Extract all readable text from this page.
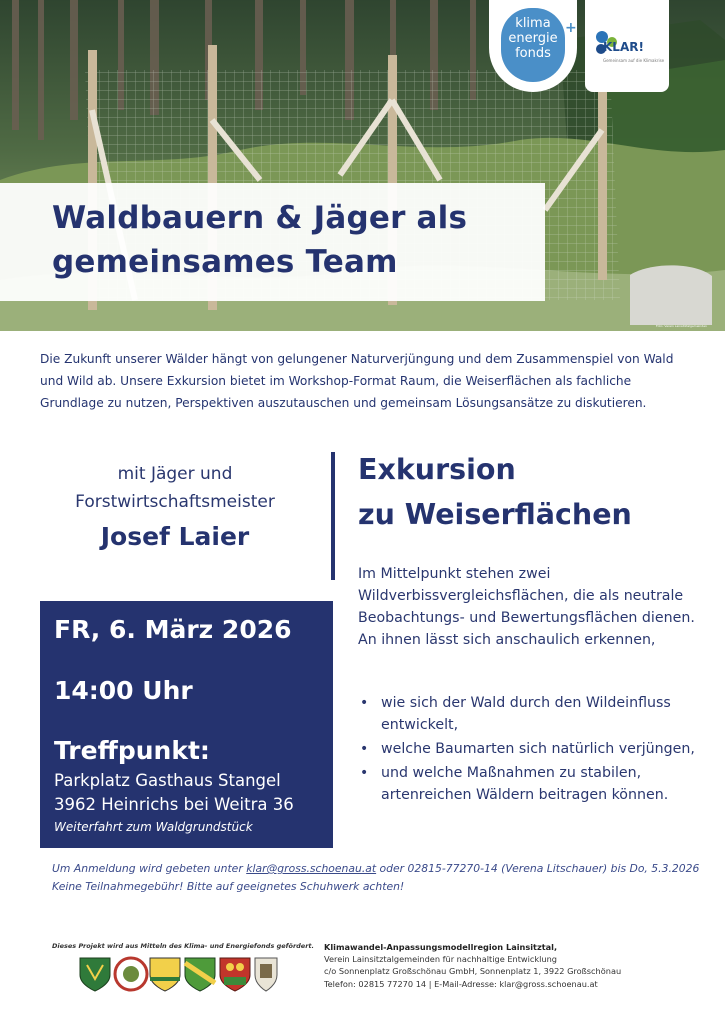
klima
energie
fonds
+
KLAR!
Gemeinsam auf die Klimakrise
Waldbauern & Jäger als
gemeinsames Team
Foto: Verein Lainsitztalgemeinden
Die Zukunft unserer Wälder hängt von gelungener Naturverjüngung und dem Zusammenspiel von Wald und Wild ab. Unsere Exkursion bietet im Workshop-Format Raum, die Weiserflächen als fachliche Grundlage zu nutzen, Perspektiven auszutauschen und gemeinsam Lösungsansätze zu diskutieren.
mit Jäger und
Forstwirtschaftsmeister
Josef Laier
Exkursion
zu Weiserflächen
Im Mittelpunkt stehen zwei Wildverbissvergleichsflächen, die als neutrale Beobachtungs- und Bewertungsflächen dienen. An ihnen lässt sich anschaulich erkennen,
• wie sich der Wald durch den Wildeinfluss entwickelt,
• welche Baumarten sich natürlich verjüngen,
• und welche Maßnahmen zu stabilen, artenreichen Wäldern beitragen können.
FR, 6. März 2026
14:00 Uhr
Treffpunkt:
Parkplatz Gasthaus Stangel
3962 Heinrichs bei Weitra 36
Weiterfahrt zum Waldgrundstück
Um Anmeldung wird gebeten unter klar@gross.schoenau.at oder 02815-77270-14 (Verena Litschauer) bis Do, 5.3.2026
Keine Teilnahmegebühr! Bitte auf geeignetes Schuhwerk achten!
Dieses Projekt wird aus Mitteln des Klima- und Energiefonds gefördert. Klimawandel-Anpassungsmodellregion Lainsitztal,
Verein Lainsitztalgemeinden für nachhaltige Entwicklung
c/o Sonnenplatz Großschönau GmbH, Sonnenplatz 1, 3922 Großschönau
Telefon: 02815 77270 14 | E-Mail-Adresse: klar@gross.schoenau.at
